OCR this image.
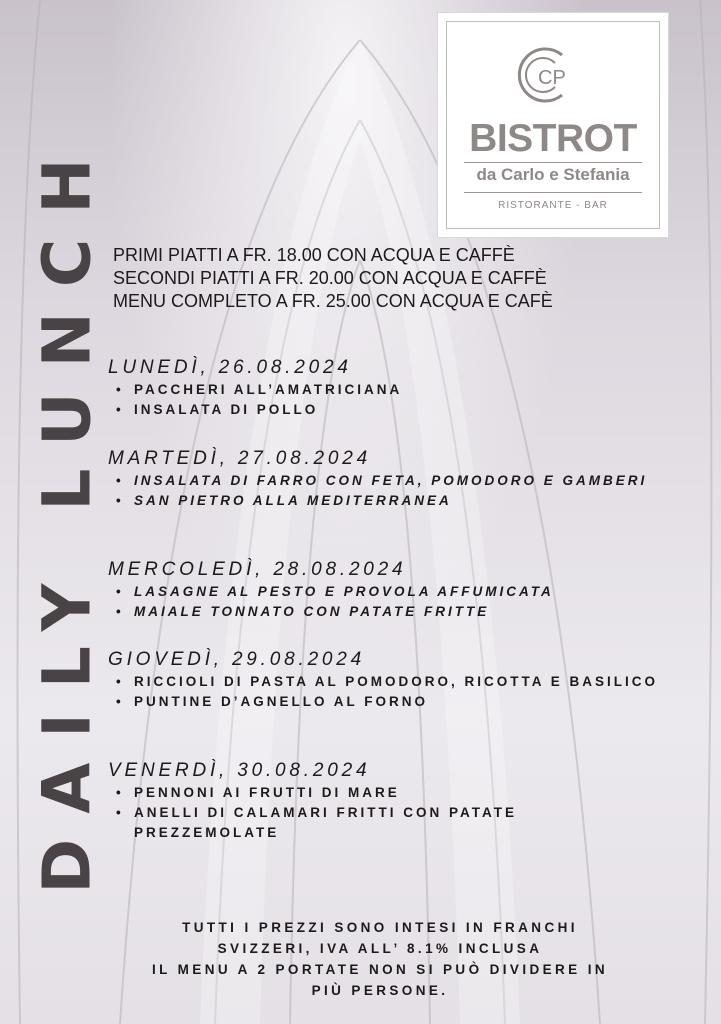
DAILY LUNCH
CP
BISTROT
da Carlo e Stefania
RISTORANTE - BAR
PRIMI PIATTI A FR. 18.00 CON ACQUA E CAFFÈ
SECONDI PIATTI A FR. 20.00 CON ACQUA E CAFFÈ
MENU COMPLETO A FR. 25.00 CON ACQUA E CAFÈ
LUNEDÌ, 26.08.2024
• PACCHERI ALL’AMATRICIANA
• INSALATA DI POLLO
MARTEDÌ, 27.08.2024
• INSALATA DI FARRO CON FETA, POMODORO E GAMBERI
• SAN PIETRO ALLA MEDITERRANEA
MERCOLEDÌ, 28.08.2024
• LASAGNE AL PESTO E PROVOLA AFFUMICATA
• MAIALE TONNATO CON PATATE FRITTE
GIOVEDÌ, 29.08.2024
• RICCIOLI DI PASTA AL POMODORO, RICOTTA E BASILICO
• PUNTINE D’AGNELLO AL FORNO
VENERDÌ, 30.08.2024
• PENNONI AI FRUTTI DI MARE
• ANELLI DI CALAMARI FRITTI CON PATATE PREZZEMOLATE
TUTTI I PREZZI SONO INTESI IN FRANCHI
SVIZZERI, IVA ALL’ 8.1% INCLUSA
IL MENU A 2 PORTATE NON SI PUÒ DIVIDERE IN
PIÙ PERSONE.
